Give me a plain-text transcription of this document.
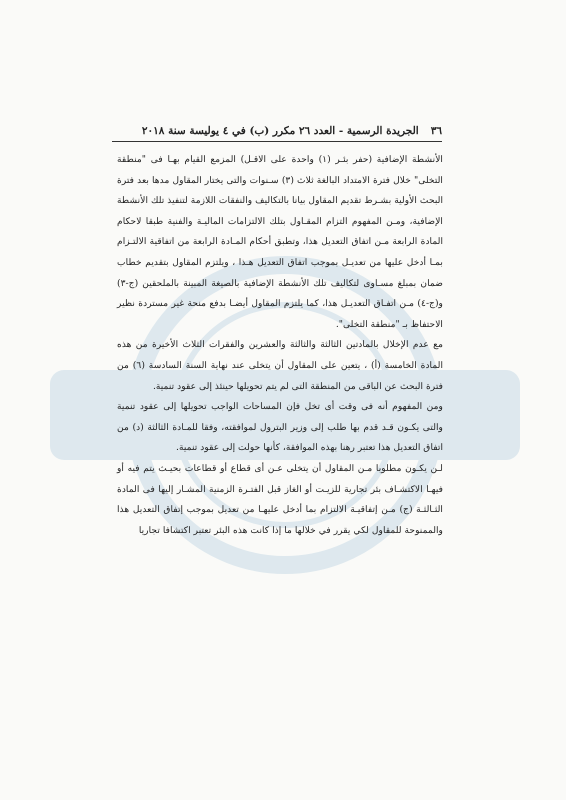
٣٦
الجريدة الرسمية - العدد ٢٦ مكرر (ب) في ٤ يوليسة سنة ٢٠١٨

الأنشطة الإضافية (حفر بئـر (١) واحدة على الاقـل) المزمع القيام بهـا فى "منطقة التخلى" خلال فترة الامتداد البالغة ثلاث (٣) سـنوات والتى يختار المقاول مدها بعد فترة البحث الأولية بشـرط تقديم المقاول بيانا بالتكاليف والنفقات اللازمة لتنفيذ تلك الأنشطة الإضافية، ومـن المفهوم التزام المقـاول بتلك الالتزامات الماليـة والفنية طبقا لاحكام المادة الرابعة مـن اتفاق التعديل هذا، وتطبق أحكام المـادة الرابعة من اتفاقية الالتـزام بمـا أدخل عليها من تعديـل بموجب اتفاق التعديل هـذا ، ويلتزم المقاول بتقديم خطاب ضمان بمبلغ مسـاوى لتكاليف تلك الأنشطة الإضافية بالصيغة المبينة بالملحقين (ج-٣) و(ج-٤) مـن اتفـاق التعديـل هذا، كما يلتزم المقاول أيضـا بدفع منحة غير مستردة نظير الاحتفاظ بـ "منطقة التخلى".

مع عدم الإخلال بالمادتين الثالثة والثالثة والعشرين والفقرات الثلاث الأخيرة من هذه المادة الخامسة (أ) ، يتعين على المقاول أن يتخلى عند نهاية السنة السادسة (٦) من فترة البحث عن الباقى من المنطقة التى لم يتم تحويلها حينئذ إلى عقود تنمية.

ومن المفهوم أنه فى وقت أى تخل فإن المساحات الواجب تحويلها إلى عقود تنمية والتى يكـون قـد قدم بها طلب إلى وزير البترول لموافقته، وفقا للمـادة الثالثة (د) من اتفاق التعديل هذا تعتبر رهنا بهذه الموافقة، كأنها حولت إلى عقود تنمية.

لـن يكـون مطلوبا مـن المقاول أن يتخلى عـن أى قطاع أو قطاعات بحيـث يتم فيه أو فيهـا الاكتشـاف بئر تجارية للزيـت أو الغاز قبل الفتـرة الزمنية المشـار إليها فى المادة الثـالثـة (ج) مـن إتفاقيـة الالتزام بما أدخل عليهـا من تعديل بموجب إتفاق التعديل هذا والممنوحة للمقاول لكي يقرر في خلالها ما إذا كانت هذه البئر تعتبر اكتشافا تجاريا
